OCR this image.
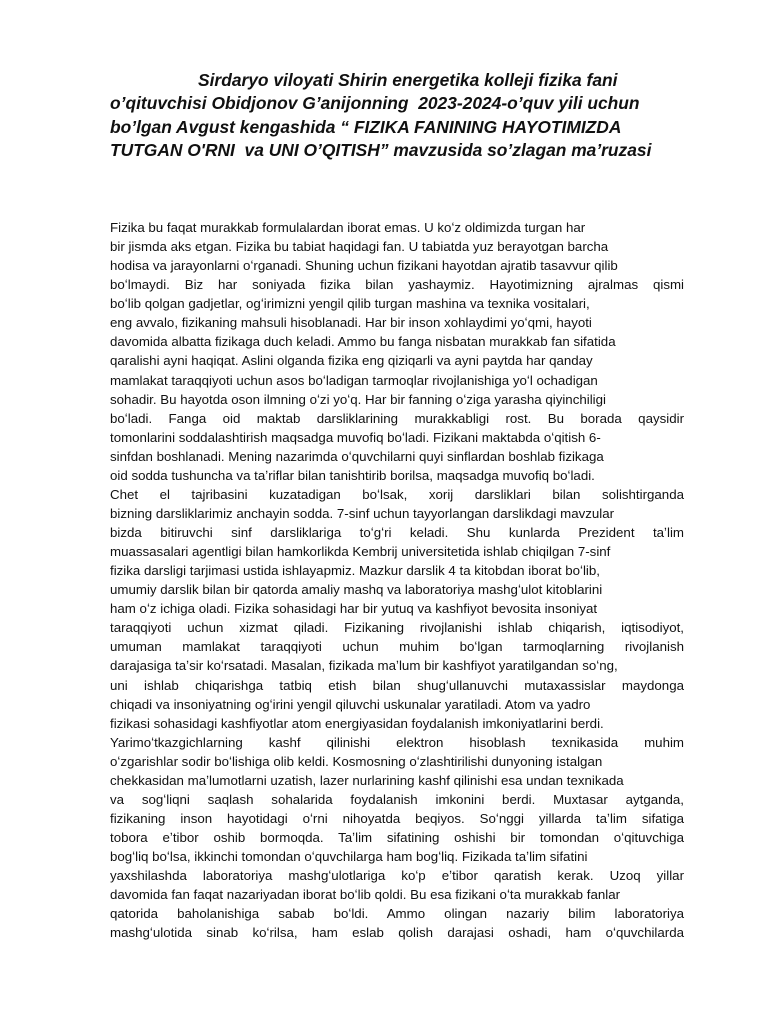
Sirdaryo viloyati Shirin energetika kolleji fizika fani
o’qituvchisi Obidjonov G’anijonning  2023-2024-o’quv yili uchun
bo’lgan Avgust kengashida “ FIZIKA FANINING HAYOTIMIZDA
TUTGAN O'RNI  va UNI O’QITISH” mavzusida so’zlagan ma’ruzasi
Fizika bu faqat murakkab formulalardan iborat emas. U koʻz oldimizda turgan har
bir jismda aks etgan. Fizika bu tabiat haqidagi fan. U tabiatda yuz berayotgan barcha
hodisa va jarayonlarni oʻrganadi. Shuning uchun fizikani hayotdan ajratib tasavvur qilib
boʻlmaydi. Biz har soniyada fizika bilan yashaymiz. Hayotimizning ajralmas qismi
boʻlib qolgan gadjetlar, ogʻirimizni yengil qilib turgan mashina va texnika vositalari,
eng avvalo, fizikaning mahsuli hisoblanadi. Har bir inson xohlaydimi yoʻqmi, hayoti
davomida albatta fizikaga duch keladi. Ammo bu fanga nisbatan murakkab fan sifatida
qaralishi ayni haqiqat. Aslini olganda fizika eng qiziqarli va ayni paytda har qanday
mamlakat taraqqiyoti uchun asos boʻladigan tarmoqlar rivojlanishiga yoʻl ochadigan
sohadir. Bu hayotda oson ilmning oʻzi yoʻq. Har bir fanning oʻziga yarasha qiyinchiligi
boʻladi. Fanga oid maktab darsliklarining murakkabligi rost. Bu borada qaysidir
tomonlarini soddalashtirish maqsadga muvofiq boʻladi. Fizikani maktabda oʻqitish 6-
sinfdan boshlanadi. Mening nazarimda oʻquvchilarni quyi sinflardan boshlab fizikaga
oid sodda tushuncha va taʼriflar bilan tanishtirib borilsa, maqsadga muvofiq boʻladi.
Chet el tajribasini kuzatadigan boʻlsak, xorij darsliklari bilan solishtirganda
bizning darsliklarimiz anchayin sodda. 7-sinf uchun tayyorlangan darslikdagi mavzular
bizda bitiruvchi sinf darsliklariga toʻgʻri keladi. Shu kunlarda Prezident taʼlim
muassasalari agentligi bilan hamkorlikda Kembrij universitetida ishlab chiqilgan 7-sinf
fizika darsligi tarjimasi ustida ishlayapmiz. Mazkur darslik 4 ta kitobdan iborat boʻlib,
umumiy darslik bilan bir qatorda amaliy mashq va laboratoriya mashgʻulot kitoblarini
ham oʻz ichiga oladi. Fizika sohasidagi har bir yutuq va kashfiyot bevosita insoniyat
taraqqiyoti uchun xizmat qiladi. Fizikaning rivojlanishi ishlab chiqarish, iqtisodiyot,
umuman mamlakat taraqqiyoti uchun muhim boʻlgan tarmoqlarning rivojlanish
darajasiga taʼsir koʻrsatadi. Masalan, fizikada maʼlum bir kashfiyot yaratilgandan soʻng,
uni ishlab chiqarishga tatbiq etish bilan shugʻullanuvchi mutaxassislar maydonga
chiqadi va insoniyatning ogʻirini yengil qiluvchi uskunalar yaratiladi. Atom va yadro
fizikasi sohasidagi kashfiyotlar atom energiyasidan foydalanish imkoniyatlarini berdi.
Yarimoʻtkazgichlarning kashf qilinishi elektron hisoblash texnikasida muhim
oʻzgarishlar sodir boʻlishiga olib keldi. Kosmosning oʻzlashtirilishi dunyoning istalgan
chekkasidan maʼlumotlarni uzatish, lazer nurlarining kashf qilinishi esa undan texnikada
va sogʻliqni saqlash sohalarida foydalanish imkonini berdi. Muxtasar aytganda,
fizikaning inson hayotidagi oʻrni nihoyatda beqiyos. Soʻnggi yillarda taʼlim sifatiga
tobora eʼtibor oshib bormoqda. Taʼlim sifatining oshishi bir tomondan oʻqituvchiga
bogʻliq boʻlsa, ikkinchi tomondan oʻquvchilarga ham bogʻliq. Fizikada taʼlim sifatini
yaxshilashda laboratoriya mashgʻulotlariga koʻp eʼtibor qaratish kerak. Uzoq yillar
davomida fan faqat nazariyadan iborat boʻlib qoldi. Bu esa fizikani oʻta murakkab fanlar
qatorida baholanishiga sabab boʻldi. Ammo olingan nazariy bilim laboratoriya
mashgʻulotida sinab koʻrilsa, ham eslab qolish darajasi oshadi, ham oʻquvchilarda
